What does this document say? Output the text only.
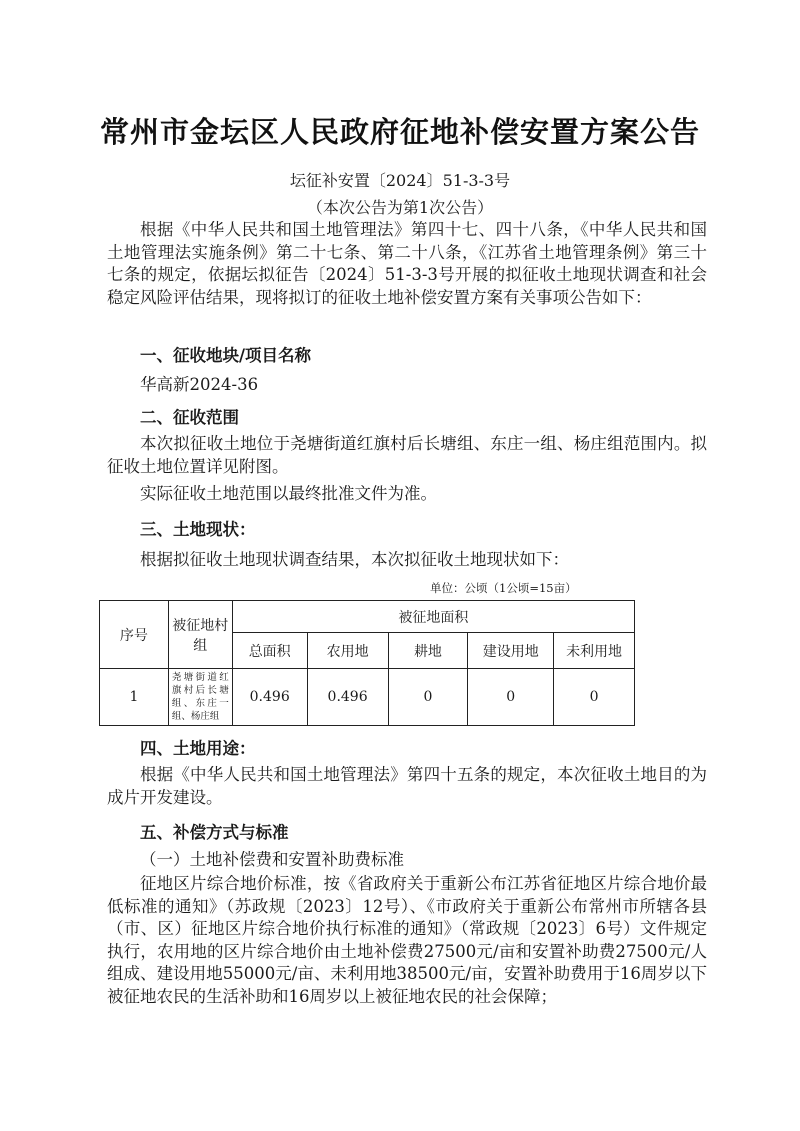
常州市金坛区人民政府征地补偿安置方案公告
坛征补安置〔2024〕51-3-3号
（本次公告为第1次公告）

根据《中华人民共和国土地管理法》第四十七、四十八条，《中华人民共和国土地管理法实施条例》第二十七条、第二十八条，《江苏省土地管理条例》第三十七条的规定，依据坛拟征告〔2024〕51-3-3号开展的拟征收土地现状调查和社会稳定风险评估结果，现将拟订的征收土地补偿安置方案有关事项公告如下：

一、征收地块/项目名称
华高新2024-36
二、征收范围

本次拟征收土地位于尧塘街道红旗村后长塘组、东庄一组、杨庄组范围内。拟征收土地位置详见附图。

实际征收土地范围以最终批准文件为准。

三、土地现状：

根据拟征收土地现状调查结果，本次拟征收土地现状如下：

单位：公顷（1公顷=15亩）
序号	被征地村组	被征地面积				
		总面积	农用地	耕地	建设用地	未利用地
1	尧塘街道红旗村后长塘组、东庄一组、杨庄组	0.496	0.496	0	0	0
四、土地用途：

根据《中华人民共和国土地管理法》第四十五条的规定，本次征收土地目的为成片开发建设。

五、补偿方式与标准
（一）土地补偿费和安置补助费标准

征地区片综合地价标准，按《省政府关于重新公布江苏省征地区片综合地价最低标准的通知》（苏政规〔2023〕12号）、《市政府关于重新公布常州市所辖各县（市、区）征地区片综合地价执行标准的通知》（常政规〔2023〕6号）文件规定执行，农用地的区片综合地价由土地补偿费27500元/亩和安置补助费27500元/人组成、建设用地55000元/亩、未利用地38500元/亩，安置补助费用于16周岁以下被征地农民的生活补助和16周岁以上被征地农民的社会保障；
